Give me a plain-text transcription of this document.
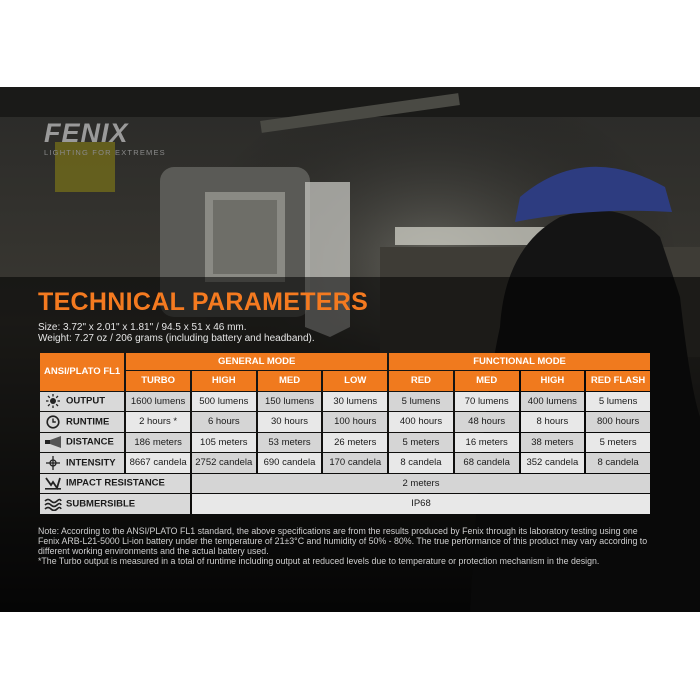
FENIX
LIGHTING FOR EXTREMES
TECHNICAL PARAMETERS
Size: 3.72" x 2.01" x 1.81" / 94.5 x 51 x 46 mm.
Weight: 7.27 oz / 206 grams (including battery and headband).
ANSI/PLATO FL1	GENERAL MODE				FUNCTIONAL MODE			
	TURBO	HIGH	MED	LOW	RED	MED	HIGH	RED FLASH

OUTPUT	1600 lumens	500 lumens	150 lumens	30 lumens	5 lumens	70 lumens	400 lumens	5 lumens

RUNTIME	2 hours *	6 hours	30 hours	100 hours	400 hours	48 hours	8 hours	800 hours

DISTANCE	186 meters	105 meters	53 meters	26 meters	5 meters	16 meters	38 meters	5 meters

INTENSITY	8667 candela	2752 candela	690 candela	170 candela	8 candela	68 candela	352 candela	8 candela

IMPACT RESISTANCE		2 meters						

SUBMERSIBLE		IP68						
Note: According to the ANSI/PLATO FL1 standard, the above specifications are from the results produced by Fenix through its laboratory testing using one Fenix ARB-L21-5000 Li-ion battery under the temperature of 21±3°C and humidity of 50% - 80%. The true performance of this product may vary according to different working environments and the actual battery used.
*The Turbo output is measured in a total of runtime including output at reduced levels due to temperature or protection mechanism in the design.
